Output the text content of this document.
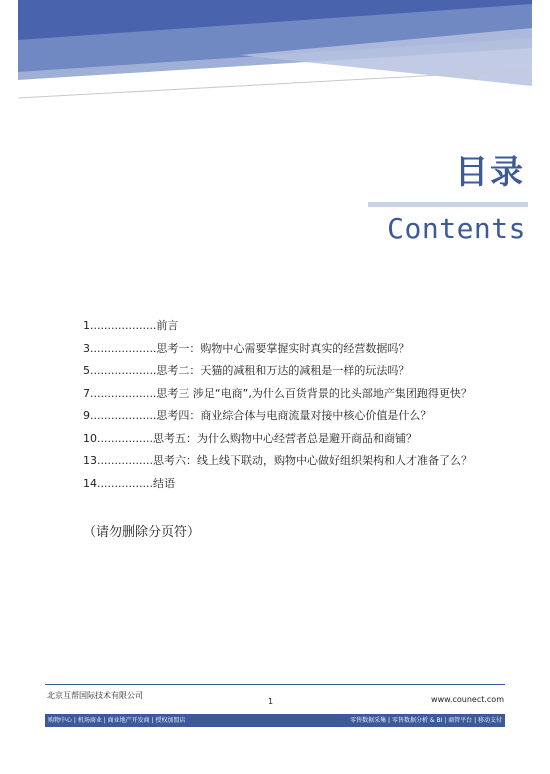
目录
Contents
1...................前言
3...................思考一：购物中心需要掌握实时真实的经营数据吗？
5...................思考二：天猫的减租和万达的减租是一样的玩法吗？
7...................思考三 涉足“电商”,为什么百货背景的比头部地产集团跑得更快？
9...................思考四：商业综合体与电商流量对接中核心价值是什么？
10................思考五：为什么购物中心经营者总是避开商品和商铺？
13................思考六：线上线下联动，购物中心做好组织架构和人才准备了么？
14................结语
（请勿删除分页符）
北京互帮国际技术有限公司
1	www.counect.com
购物中心 | 机场商业 | 商业地产开发商 | 授权加盟店	零售数据采集 | 零售数据分析 & BI | 商管平台 | 移动支付
